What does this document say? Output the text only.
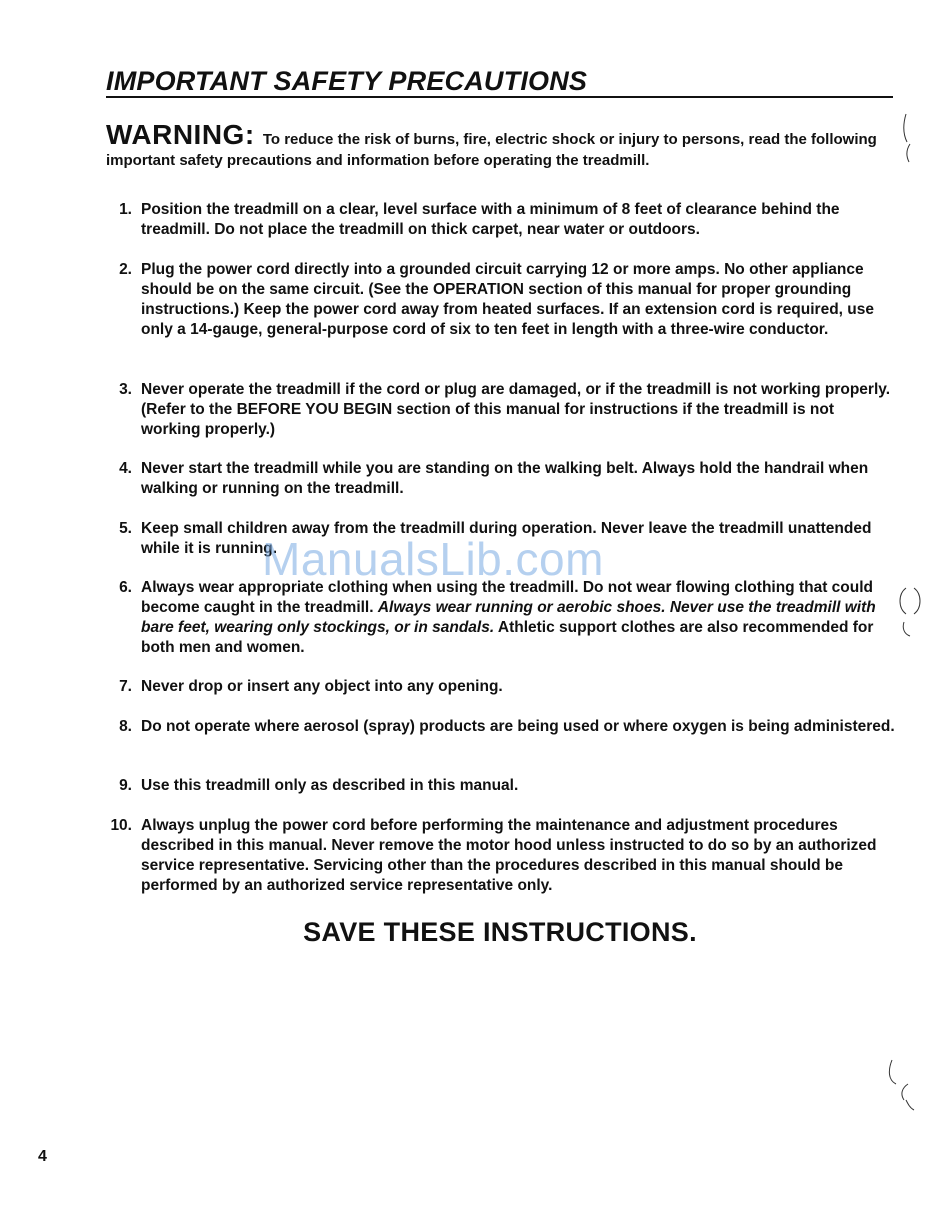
IMPORTANT SAFETY PRECAUTIONS

WARNING: To reduce the risk of burns, fire, electric shock or injury to persons, read the following important safety precautions and information before operating the treadmill.

1. Position the treadmill on a clear, level surface with a minimum of 8 feet of clearance behind the treadmill. Do not place the treadmill on thick carpet, near water or outdoors.
2. Plug the power cord directly into a grounded circuit carrying 12 or more amps. No other appliance should be on the same circuit. (See the OPERATION section of this manual for proper grounding instructions.) Keep the power cord away from heated surfaces. If an extension cord is required, use only a 14-gauge, general-purpose cord of six to ten feet in length with a three-wire conductor.
3. Never operate the treadmill if the cord or plug are damaged, or if the treadmill is not working properly. (Refer to the BEFORE YOU BEGIN section of this manual for instructions if the treadmill is not working properly.)
4. Never start the treadmill while you are standing on the walking belt. Always hold the handrail when walking or running on the treadmill.
5. Keep small children away from the treadmill during operation. Never leave the treadmill unattended while it is running.
6. Always wear appropriate clothing when using the treadmill. Do not wear flowing clothing that could become caught in the treadmill. Always wear running or aerobic shoes. Never use the treadmill with bare feet, wearing only stockings, or in sandals. Athletic support clothes are also recommended for both men and women.
7. Never drop or insert any object into any opening.
8. Do not operate where aerosol (spray) products are being used or where oxygen is being administered.
9. Use this treadmill only as described in this manual.
10. Always unplug the power cord before performing the maintenance and adjustment procedures described in this manual. Never remove the motor hood unless instructed to do so by an authorized service representative. Servicing other than the procedures described in this manual should be performed by an authorized service representative only.

SAVE THESE INSTRUCTIONS.

4
ManualsLib.com
